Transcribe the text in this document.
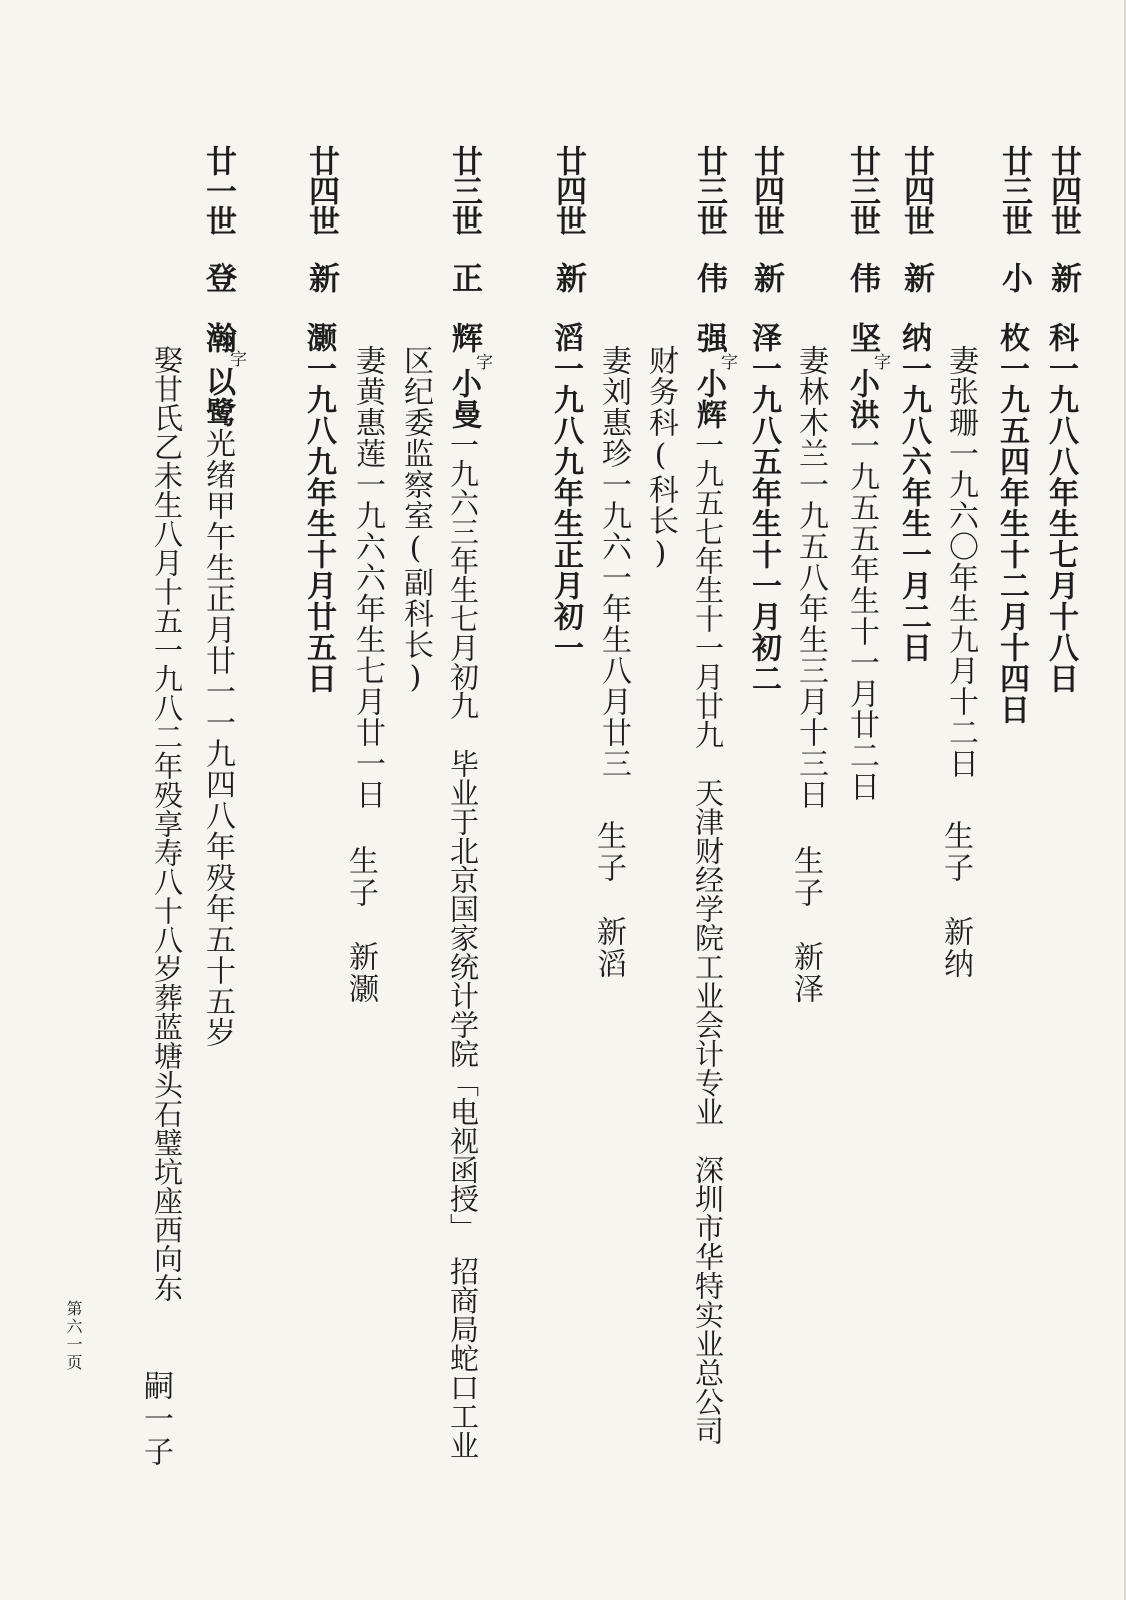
廿四世
新
科一九八八年生七月十八日
廿三世
小
枚一九五四年生十二月十四日
妻张珊一九六〇年生九月十二日
生子　新纳
廿四世
新
纳一九八六年生一月二日
廿三世
伟
坚
字
小洪
一九五五年生十一月廿二日
妻林木兰一九五八年生三月十三日
生子　新泽
廿四世
新
泽一九八五年生十一月初二
廿三世
伟
强
字
小辉
一九五七年生十一月廿九　天津财经学院工业会计专业　深圳市华特实业总公司
财务科(科长)
妻刘惠珍一九六一年生八月廿三
生子　新滔
廿四世
新
滔一九八九年生正月初一
廿三世
正
辉
字
小曼
一九六三年生七月初九　毕业于北京国家统计学院「电视函授」　招商局蛇口工业
区纪委监察室(副科长)
妻黄惠莲一九六六年生七月廿一日
生子　新灏
廿四世
新
灏一九八九年生十月廿五日
廿一世
登
瀚
字
以鹭
光绪甲午生正月廿一一九四八年殁年五十五岁
娶甘氏乙未生八月十五一九八二年殁享寿八十八岁葬蓝塘头石璧坑座西向东
嗣一子
第六一页
